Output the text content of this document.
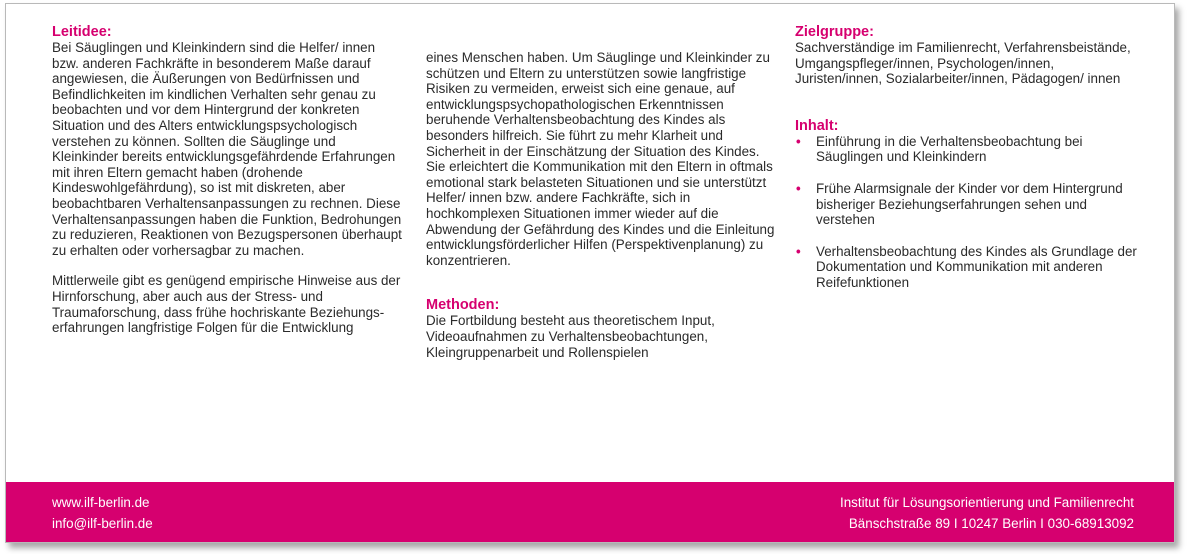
Leitidee:

Bei Säuglingen und Kleinkindern sind die Helfer/ innen bzw. anderen Fachkräfte in besonderem Maße darauf angewiesen, die Äußerungen von Bedürfnissen und Befindlichkeiten im kindlichen Verhalten sehr genau zu beobachten und vor dem Hintergrund der konkreten Situation und des Alters entwicklungspsychologisch verstehen zu können. Sollten die Säuglinge und Kleinkinder bereits entwicklungsgefährdende Erfahrungen mit ihren Eltern gemacht haben (drohende Kindeswohlgefährdung), so ist mit diskreten, aber beobachtbaren Verhaltensanpassungen zu rechnen. Diese Verhaltensanpassungen haben die Funktion, Bedrohungen zu reduzieren, Reaktionen von Bezugspersonen überhaupt zu erhalten oder vorhersagbar zu machen.

Mittlerweile gibt es genügend empirische Hinweise aus der Hirnforschung, aber auch aus der Stress- und Traumaforschung, dass frühe hochriskante Beziehungserfahrungen langfristige Folgen für die Entwicklung

eines Menschen haben. Um Säuglinge und Kleinkinder zu schützen und Eltern zu unterstützen sowie langfristige Risiken zu vermeiden, erweist sich eine genaue, auf entwicklungspsychopathologischen Erkenntnissen beruhende Verhaltensbeobachtung des Kindes als besonders hilfreich. Sie führt zu mehr Klarheit und Sicherheit in der Einschätzung der Situation des Kindes. Sie erleichtert die Kommunikation mit den Eltern in oftmals emotional stark belasteten Situationen und sie unterstützt Helfer/ innen bzw. andere Fachkräfte, sich in hochkomplexen Situationen immer wieder auf die Abwendung der Gefährdung des Kindes und die Einleitung entwicklungsförderlicher Hilfen (Perspektivenplanung) zu konzentrieren.

Methoden:

Die Fortbildung besteht aus theoretischem Input, Videoaufnahmen zu Verhaltensbeobachtungen, Kleingruppenarbeit und Rollenspielen

Zielgruppe:

Sachverständige im Familienrecht, Verfahrensbeistände, Umgangspfleger/innen, Psychologen/innen, Juristen/innen, Sozialarbeiter/innen, Pädagogen/ innen

Inhalt:
• Einführung in die Verhaltensbeobachtung bei Säuglingen und Kleinkindern
• Frühe Alarmsignale der Kinder vor dem Hintergrund bisheriger Beziehungserfahrungen sehen und verstehen
• Verhaltensbeobachtung des Kindes als Grundlage der Dokumentation und Kommunikation mit anderen Reifefunktionen
www.ilf-berlin.de
info@ilf-berlin.de
Institut für Lösungsorientierung und Familienrecht
Bänschstraße 89 I 10247 Berlin I 030-68913092
